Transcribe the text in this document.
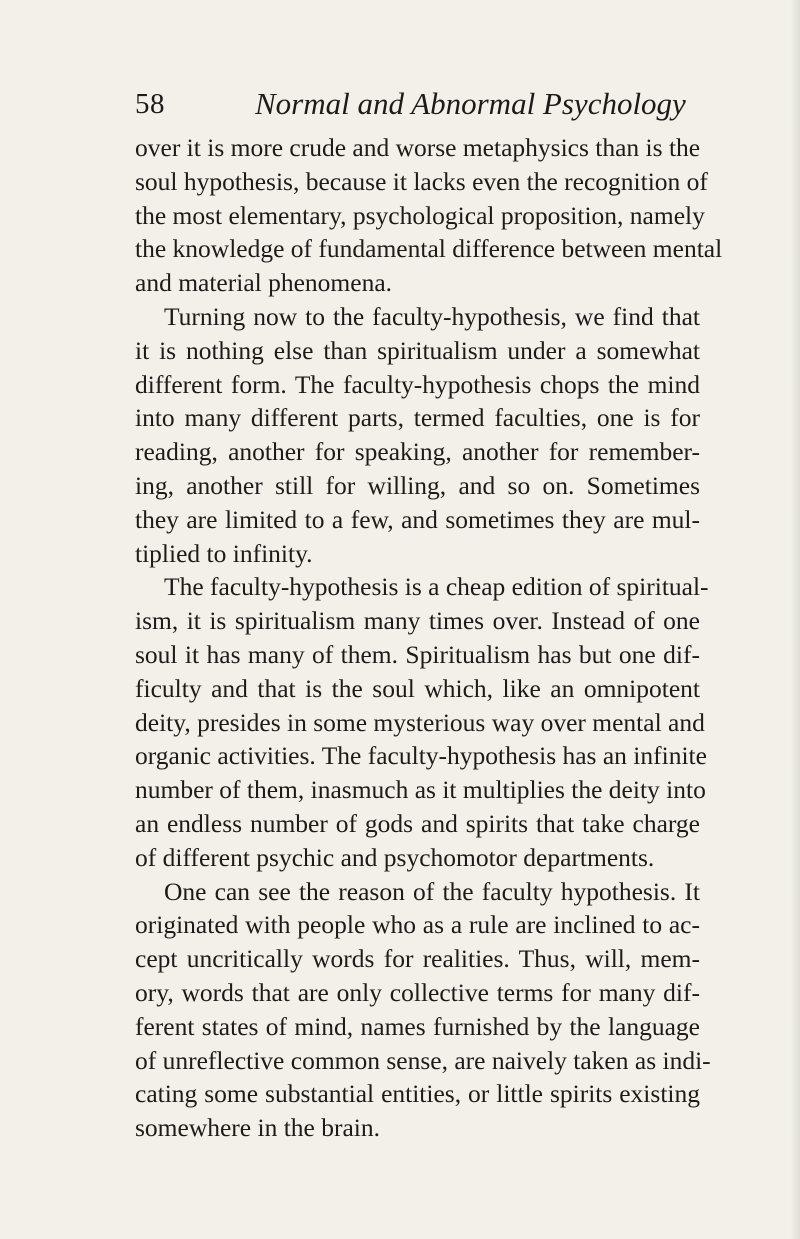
58	Normal and Abnormal Psychology
over it is more crude and worse metaphysics than is the
soul hypothesis, because it lacks even the recognition of
the most elementary, psychological proposition, namely
the knowledge of fundamental difference between mental
and material phenomena.
Turning now to the faculty-hypothesis, we find that
it is nothing else than spiritualism under a somewhat
different form. The faculty-hypothesis chops the mind
into many different parts, termed faculties, one is for
reading, another for speaking, another for remember-
ing, another still for willing, and so on. Sometimes
they are limited to a few, and sometimes they are mul-
tiplied to infinity.
The faculty-hypothesis is a cheap edition of spiritual-
ism, it is spiritualism many times over. Instead of one
soul it has many of them. Spiritualism has but one dif-
ficulty and that is the soul which, like an omnipotent
deity, presides in some mysterious way over mental and
organic activities. The faculty-hypothesis has an infinite
number of them, inasmuch as it multiplies the deity into
an endless number of gods and spirits that take charge
of different psychic and psychomotor departments.
One can see the reason of the faculty hypothesis. It
originated with people who as a rule are inclined to ac-
cept uncritically words for realities. Thus, will, mem-
ory, words that are only collective terms for many dif-
ferent states of mind, names furnished by the language
of unreflective common sense, are naively taken as indi-
cating some substantial entities, or little spirits existing
somewhere in the brain.
